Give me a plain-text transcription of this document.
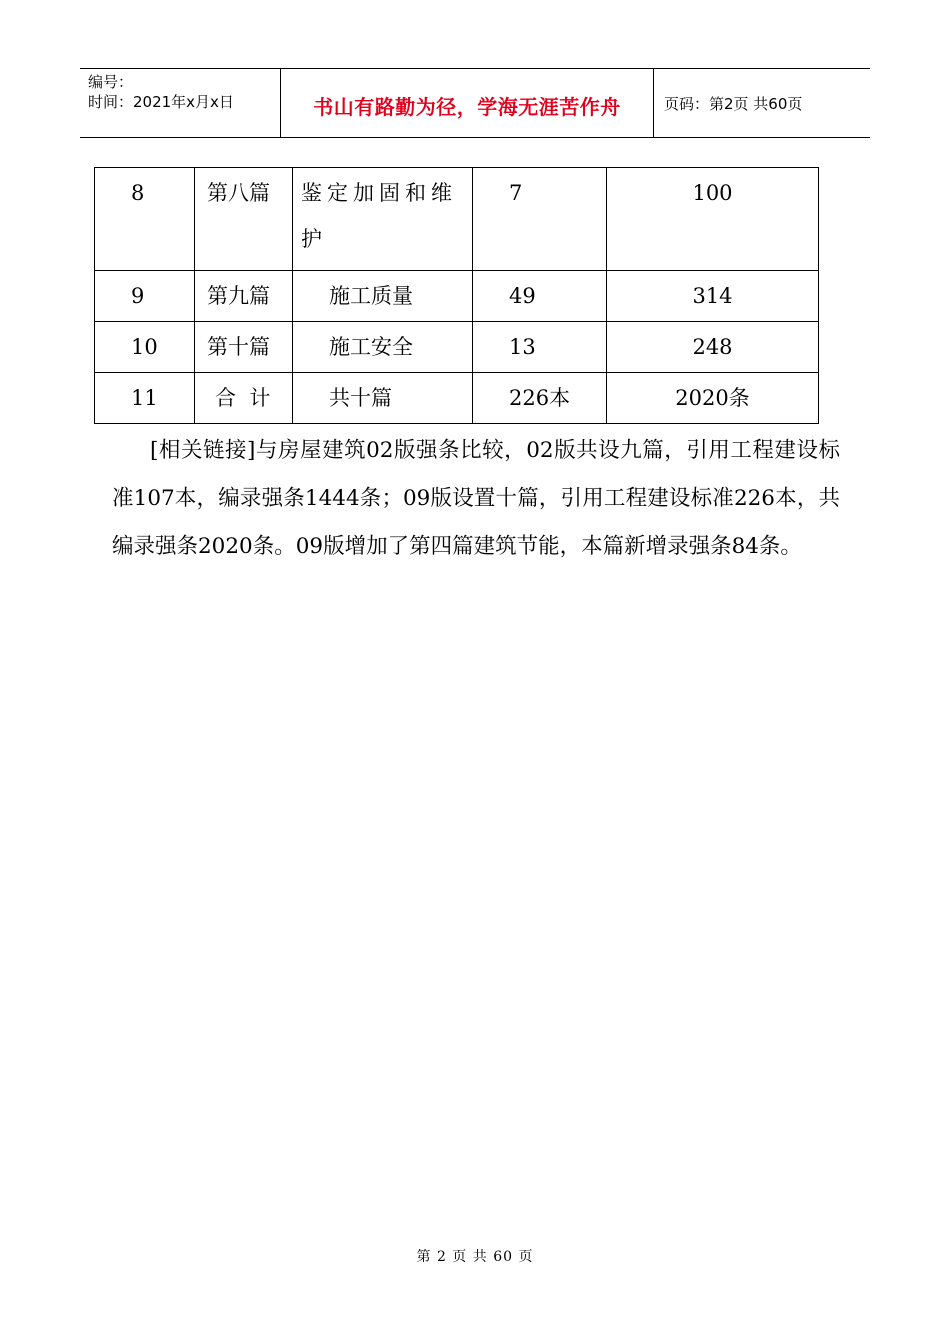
编号：
时间：2021年x月x日	书山有路勤为径，学海无涯苦作舟	页码：第2页 共60页
8	第八篇	鉴定加固和维护	7	100

9	第九篇	施工质量	49	314

10	第十篇	施工安全	13	248

11	合  计	共十篇	226本	2020条
[相关链接]与房屋建筑02版强条比较，02版共设九篇，引用工程建设标准107本，编录强条1444条；09版设置十篇，引用工程建设标准226本，共编录强条2020条。09版增加了第四篇建筑节能，本篇新增录强条84条。
第 2 页 共 60 页
